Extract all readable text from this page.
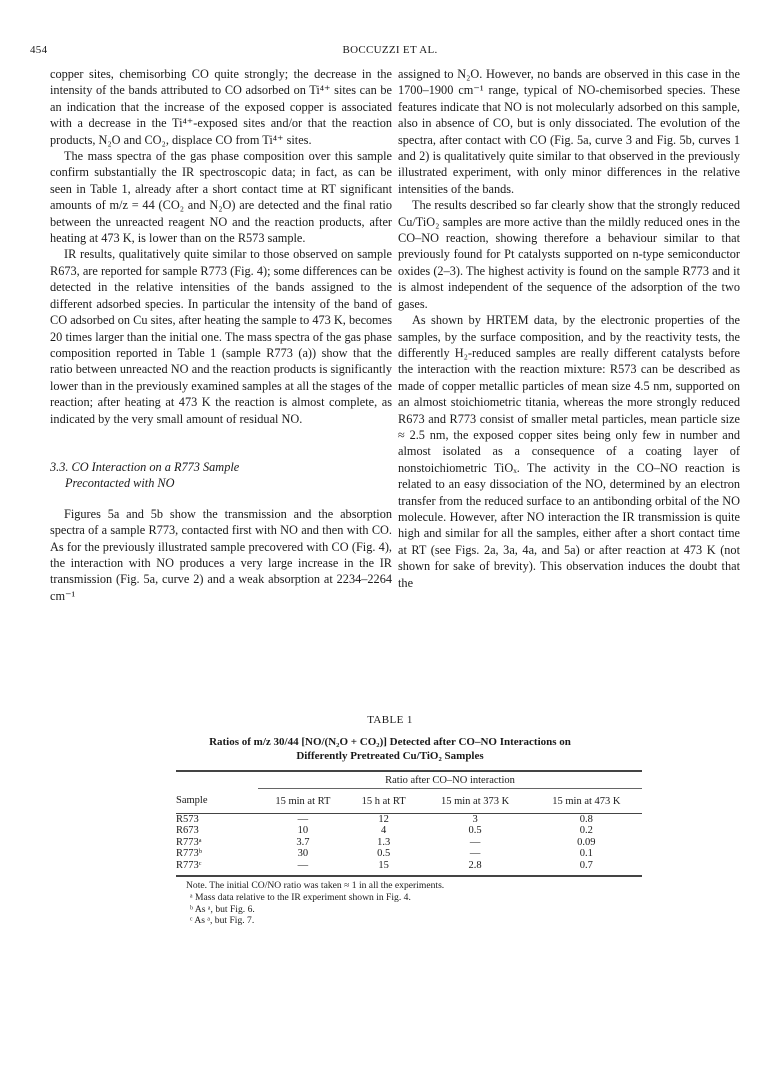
454	BOCCUZZI ET AL.

copper sites, chemisorbing CO quite strongly; the decrease in the intensity of the bands attributed to CO adsorbed on Ti⁴⁺ sites can be an indication that the increase of the exposed copper is associated with a decrease in the Ti⁴⁺-exposed sites and/or that the reaction products, N₂O and CO₂, displace CO from Ti⁴⁺ sites.

The mass spectra of the gas phase composition over this sample confirm substantially the IR spectroscopic data; in fact, as can be seen in Table 1, already after a short contact time at RT significant amounts of m/z = 44 (CO₂ and N₂O) are detected and the final ratio between the unreacted reagent NO and the reaction products, after heating at 473 K, is lower than on the R573 sample.

IR results, qualitatively quite similar to those observed on sample R673, are reported for sample R773 (Fig. 4); some differences can be detected in the relative intensities of the bands assigned to the different adsorbed species. In particular the intensity of the band of CO adsorbed on Cu sites, after heating the sample to 473 K, becomes 20 times larger than the initial one. The mass spectra of the gas phase composition reported in Table 1 (sample R773 (a)) show that the ratio between unreacted NO and the reaction products is significantly lower than in the previously examined samples at all the stages of the reaction; after heating at 473 K the reaction is almost complete, as indicated by the very small amount of residual NO.

3.3. CO Interaction on a R773 Sample
Precontacted with NO

Figures 5a and 5b show the transmission and the absorption spectra of a sample R773, contacted first with NO and then with CO. As for the previously illustrated sample precovered with CO (Fig. 4), the interaction with NO produces a very large increase in the IR transmission (Fig. 5a, curve 2) and a weak absorption at 2234–2264 cm⁻¹

assigned to N₂O. However, no bands are observed in this case in the 1700–1900 cm⁻¹ range, typical of NO-chemisorbed species. These features indicate that NO is not molecularly adsorbed on this sample, also in absence of CO, but is only dissociated. The evolution of the spectra, after contact with CO (Fig. 5a, curve 3 and Fig. 5b, curves 1 and 2) is qualitatively quite similar to that observed in the previously illustrated experiment, with only minor differences in the relative intensities of the bands.

The results described so far clearly show that the strongly reduced Cu/TiO₂ samples are more active than the mildly reduced ones in the CO–NO reaction, showing therefore a behaviour similar to that previously found for Pt catalysts supported on n-type semiconductor oxides (2–3). The highest activity is found on the sample R773 and it is almost independent of the sequence of the adsorption of the two gases.

As shown by HRTEM data, by the electronic properties of the samples, by the surface composition, and by the reactivity tests, the differently H₂-reduced samples are really different catalysts before the interaction with the reaction mixture: R573 can be described as made of copper metallic particles of mean size 4.5 nm, supported on an almost stoichiometric titania, whereas the more strongly reduced R673 and R773 consist of smaller metal particles, mean particle size ≈ 2.5 nm, the exposed copper sites being only few in number and almost isolated as a consequence of a coating layer of nonstoichiometric TiOₓ. The activity in the CO–NO reaction is related to an easy dissociation of the NO, determined by an electron transfer from the reduced surface to an antibonding orbital of the NO molecule. However, after NO interaction the IR transmission is quite high and similar for all the samples, either after a short contact time at RT (see Figs. 2a, 3a, 4a, and 5a) or after reaction at 473 K (not shown for sake of brevity). This observation induces the doubt that the

TABLE 1
Ratios of m/z 30/44 [NO/(N₂O + CO₂)] Detected after CO–NO Interactions on
Differently Pretreated Cu/TiO₂ Samples
	Ratio after CO–NO interaction			
Sample	15 min at RT	15 h at RT	15 min at 373 K	15 min at 473 K
R573	—	12	3	0.8
R673	10	4	0.5	0.2
R773ᵃ	3.7	1.3	—	0.09
R773ᵇ	30	0.5	—	0.1
R773ᶜ	—	15	2.8	0.7
Note. The initial CO/NO ratio was taken ≈ 1 in all the experiments.
ᵃ Mass data relative to the IR experiment shown in Fig. 4.
ᵇ As ᵃ, but Fig. 6.
ᶜ As ᵃ, but Fig. 7.
